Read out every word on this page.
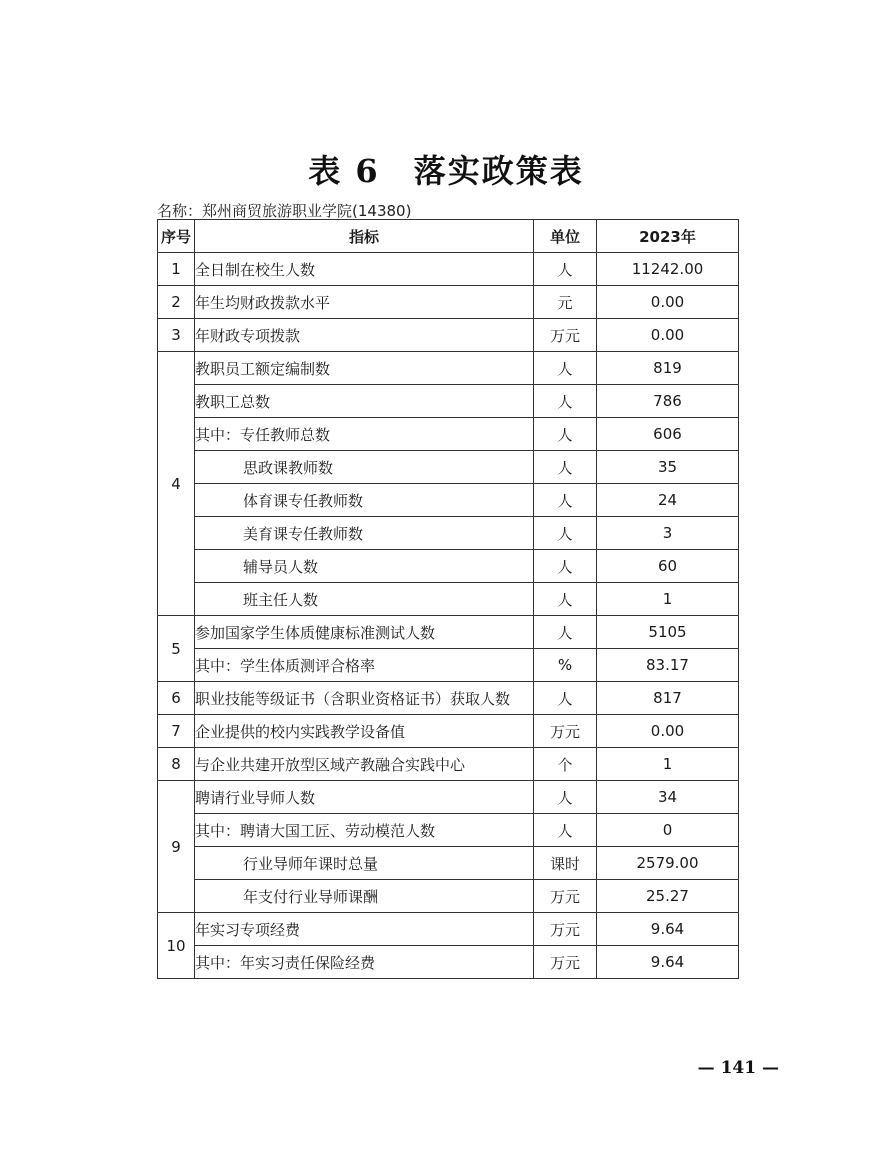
表 6　落实政策表
名称：郑州商贸旅游职业学院(14380)
序号	指标	单位	2023年
1	全日制在校生人数	人	11242.00
2	年生均财政拨款水平	元	0.00
3	年财政专项拨款	万元	0.00
4	教职员工额定编制数	人	819
	教职工总数	人	786
	其中：专任教师总数	人	606
	思政课教师数	人	35
	体育课专任教师数	人	24
	美育课专任教师数	人	3
	辅导员人数	人	60
	班主任人数	人	1
5	参加国家学生体质健康标准测试人数	人	5105
	其中：学生体质测评合格率	%	83.17
6	职业技能等级证书（含职业资格证书）获取人数	人	817
7	企业提供的校内实践教学设备值	万元	0.00
8	与企业共建开放型区域产教融合实践中心	个	1
9	聘请行业导师人数	人	34
	其中：聘请大国工匠、劳动模范人数	人	0
	行业导师年课时总量	课时	2579.00
	年支付行业导师课酬	万元	25.27
10	年实习专项经费	万元	9.64
	其中：年实习责任保险经费	万元	9.64
— 141 —
